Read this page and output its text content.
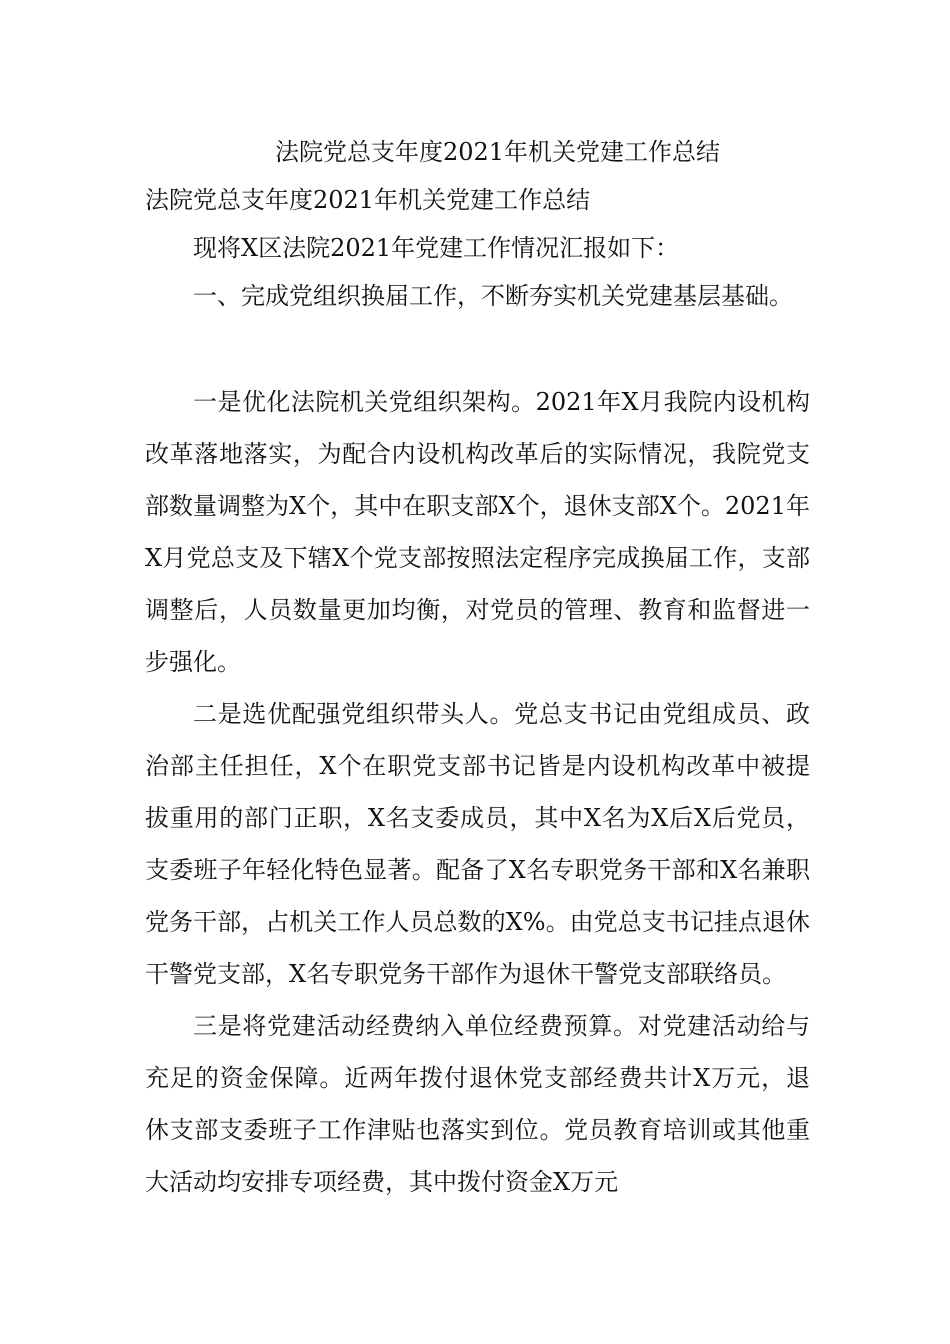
法院党总支年度2021年机关党建工作总结
法院党总支年度2021年机关党建工作总结
现将X区法院2021年党建工作情况汇报如下：
一、完成党组织换届工作，不断夯实机关党建基层基础。

一是优化法院机关党组织架构。2021年X月我院内设机构改革落地落实，为配合内设机构改革后的实际情况，我院党支部数量调整为X个，其中在职支部X个，退休支部X个。2021年X月党总支及下辖X个党支部按照法定程序完成换届工作，支部调整后，人员数量更加均衡，对党员的管理、教育和监督进一步强化。

二是选优配强党组织带头人。党总支书记由党组成员、政治部主任担任，X个在职党支部书记皆是内设机构改革中被提拔重用的部门正职，X名支委成员，其中X名为X后X后党员，支委班子年轻化特色显著。配备了X名专职党务干部和X名兼职党务干部，占机关工作人员总数的X%。由党总支书记挂点退休干警党支部，X名专职党务干部作为退休干警党支部联络员。

三是将党建活动经费纳入单位经费预算。对党建活动给与充足的资金保障。近两年拨付退休党支部经费共计X万元，退休支部支委班子工作津贴也落实到位。党员教育培训或其他重大活动均安排专项经费，其中拨付资金X万元
